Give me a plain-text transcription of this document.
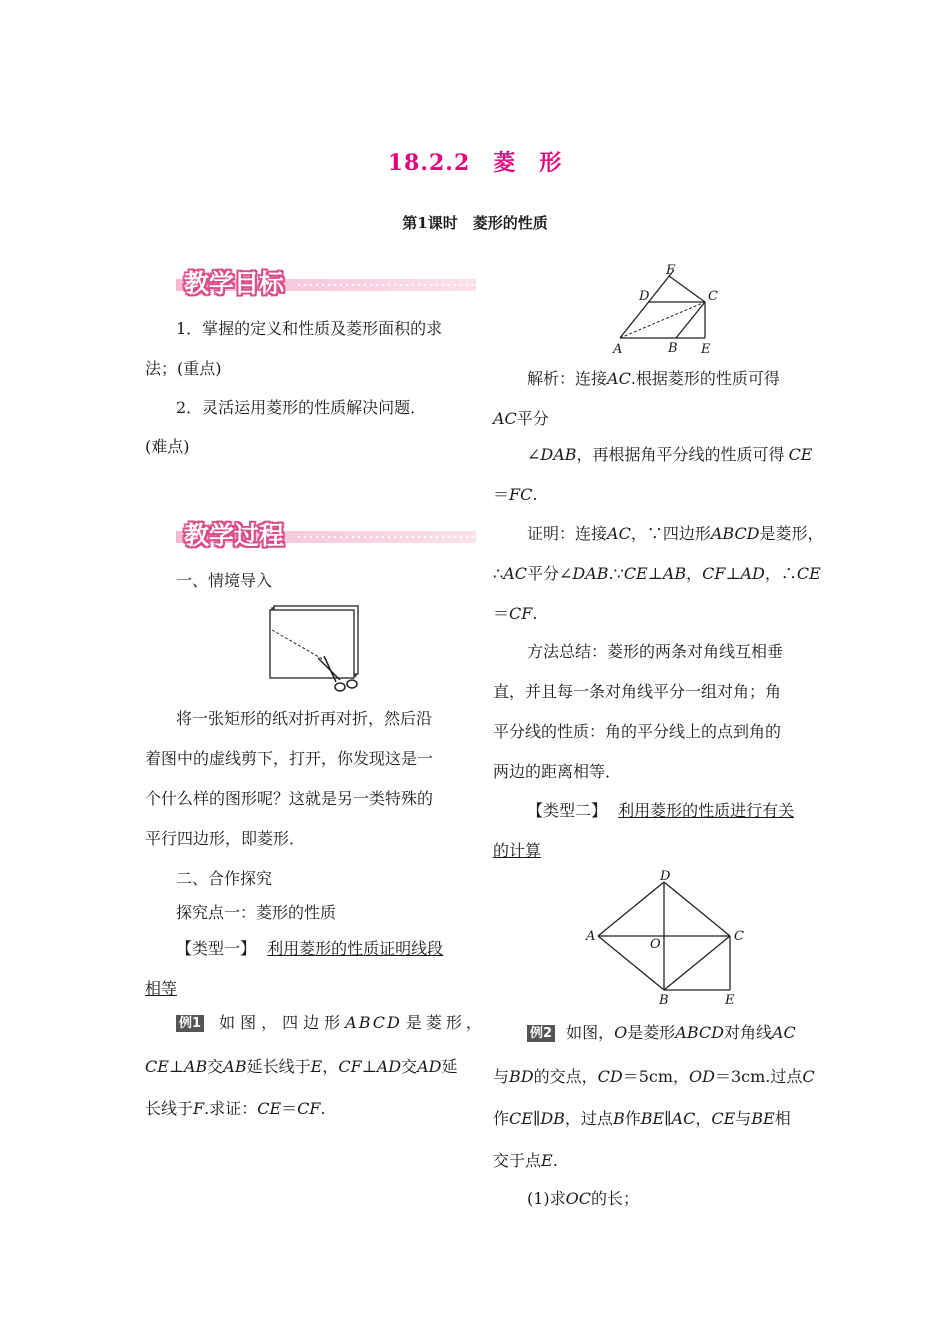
18.2.2　菱　形
第1课时　菱形的性质
教学目标
1．掌握的定义和性质及菱形面积的求
法；(重点)
2．灵活运用菱形的性质解决问题．
(难点)
教学过程
一、情境导入
将一张矩形的纸对折再对折，然后沿
着图中的虚线剪下，打开，你发现这是一
个什么样的图形呢？这就是另一类特殊的
平行四边形，即菱形．
二、合作探究
探究点一：菱形的性质
【类型一】 利用菱形的性质证明线段
相等
例1 如图，四边形ABCD 是菱形，
CE⊥AB交AB延长线于E，CF⊥AD交AD延
长线于F.求证：CE＝CF.
F
D	C
A	B E
解析：连接AC.根据菱形的性质可得
AC平分
∠DAB，再根据角平分线的性质可得 CE
＝FC.
证明：连接AC，∵四边形ABCD是菱形，
∴AC平分∠DAB.∵CE⊥AB，CF⊥AD，∴CE
＝CF.
方法总结：菱形的两条对角线互相垂
直，并且每一条对角线平分一组对角；角
平分线的性质：角的平分线上的点到角的
两边的距离相等．
【类型二】 利用菱形的性质进行有关
的计算
D
A
O
C
B	E
例2 如图，O是菱形ABCD对角线AC
与BD的交点，CD＝5cm，OD＝3cm.过点C
作CE∥DB，过点B作BE∥AC，CE与BE相
交于点E.
(1)求OC的长；
